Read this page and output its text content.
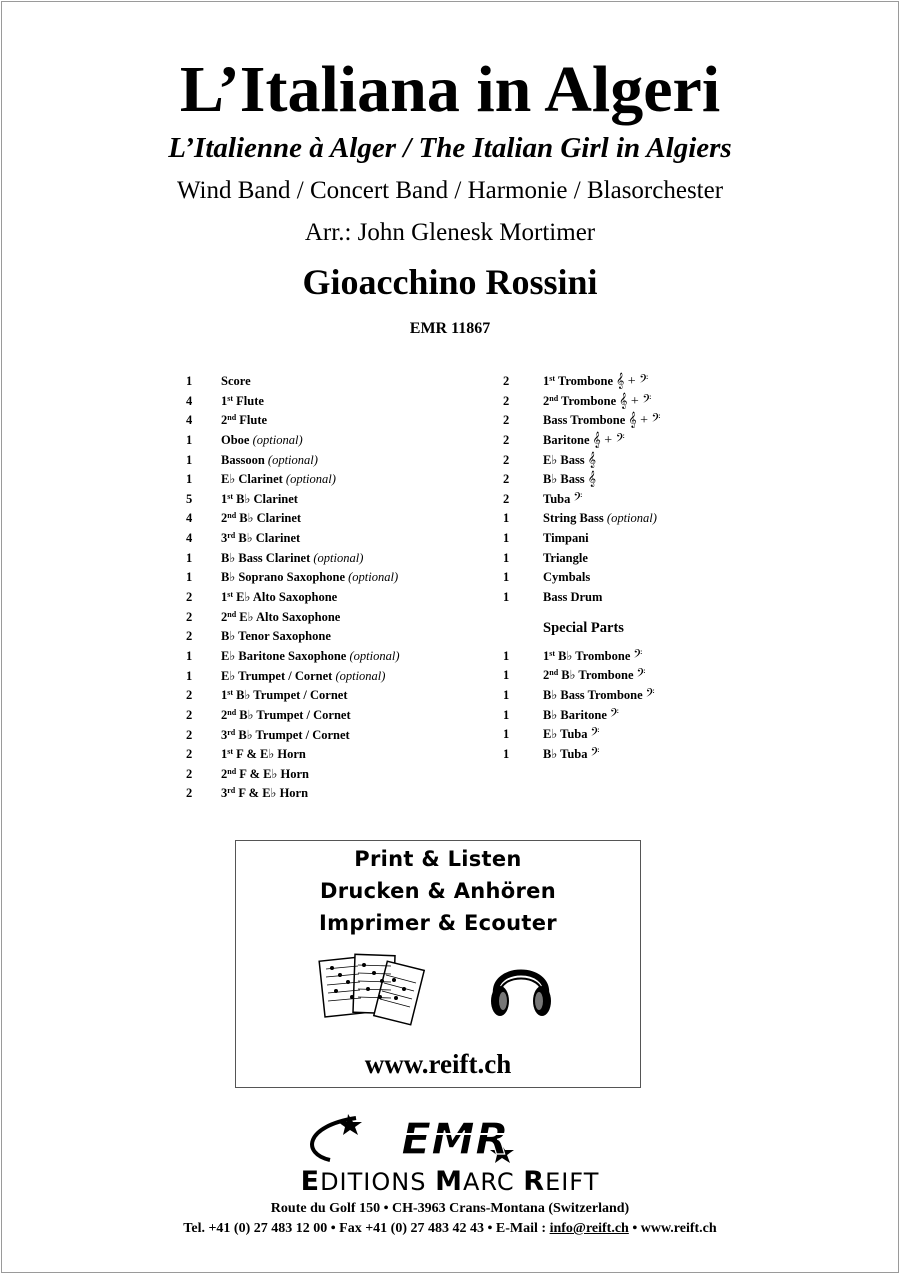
L’Italiana in Algeri
L’Italienne à Alger / The Italian Girl in Algiers
Wind Band / Concert Band / Harmonie / Blasorchester
Arr.: John Glenesk Mortimer
Gioacchino Rossini
EMR 11867
1	Score
4	1st Flute
4	2nd Flute
1	Oboe (optional)
1	Bassoon (optional)
1	E♭ Clarinet (optional)
5	1st B♭ Clarinet
4	2nd B♭ Clarinet
4	3rd B♭ Clarinet
1	B♭ Bass Clarinet (optional)
1	B♭ Soprano Saxophone (optional)
2	1st E♭ Alto Saxophone
2	2nd E♭ Alto Saxophone
2	B♭ Tenor Saxophone
1	E♭ Baritone Saxophone (optional)
1	E♭ Trumpet / Cornet (optional)
2	1st B♭ Trumpet / Cornet
2	2nd B♭ Trumpet / Cornet
2	3rd B♭ Trumpet / Cornet
2	1st F & E♭ Horn
2	2nd F & E♭ Horn
2	3rd F & E♭ Horn
2	1st Trombone 𝄞 + 𝄢
2	2nd Trombone 𝄞 + 𝄢
2	Bass Trombone 𝄞 + 𝄢
2	Baritone 𝄞 + 𝄢
2	E♭ Bass 𝄞
2	B♭ Bass 𝄞
2	Tuba 𝄢
1	String Bass (optional)
1	Timpani
1	Triangle
1	Cymbals
1	Bass Drum
Special Parts
1	1st B♭ Trombone 𝄢
1	2nd B♭ Trombone 𝄢
1	B♭ Bass Trombone 𝄢
1	B♭ Baritone 𝄢
1	E♭ Tuba 𝄢
1	B♭ Tuba 𝄢
Print & Listen
Drucken & Anhören
Imprimer & Ecouter
www.reift.ch
EMR
EDITIONS MARC REIFT
Route du Golf 150 • CH-3963 Crans-Montana (Switzerland)
Tel. +41 (0) 27 483 12 00 • Fax +41 (0) 27 483 42 43 • E-Mail : info@reift.ch • www.reift.ch
